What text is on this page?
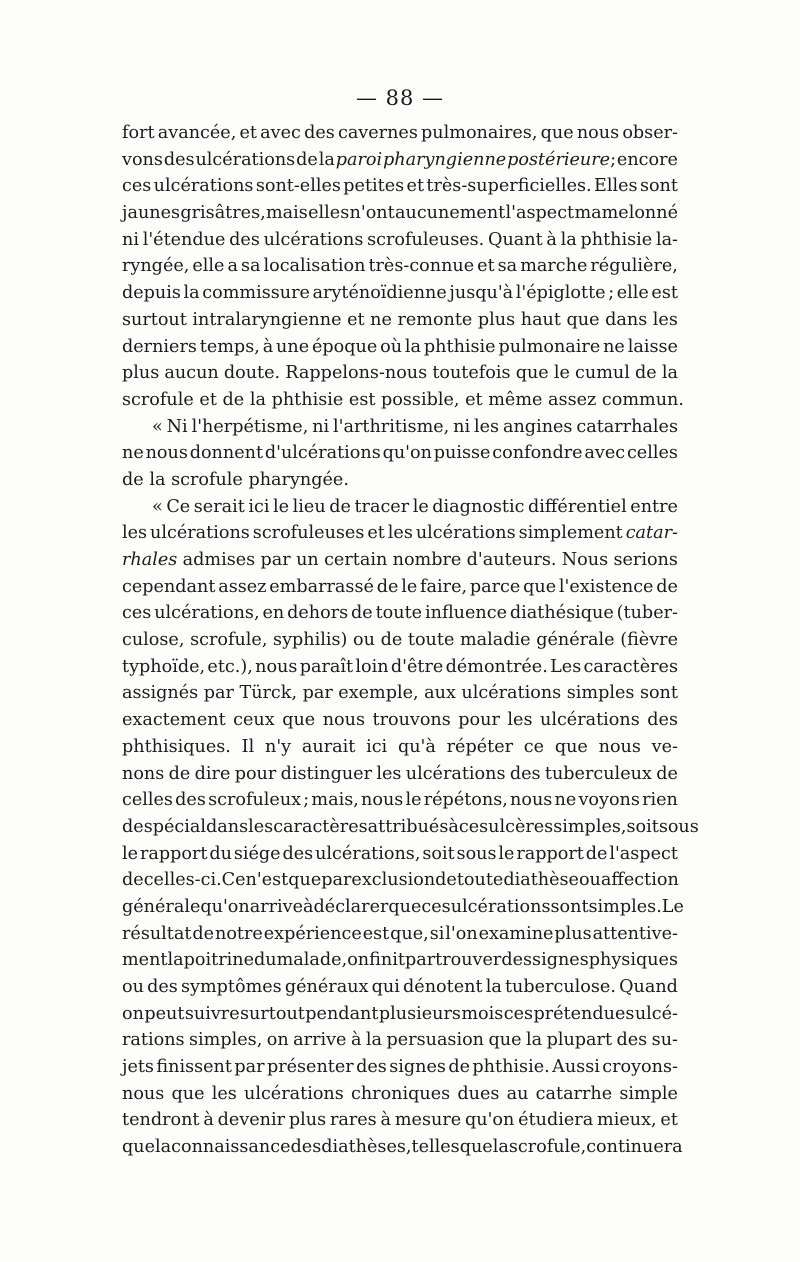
— 88 —
fort avancée, et avec des cavernes pulmonaires, que nous obser-
vons des ulcérations de la paroi pharyngienne postérieure; encore
ces ulcérations sont-elles petites et très-superficielles. Elles sont
jaunes grisâtres, mais elles n'ont aucunement l'aspect mamelonné
ni l'étendue des ulcérations scrofuleuses. Quant à la phthisie la-
ryngée, elle a sa localisation très-connue et sa marche régulière,
depuis la commissure aryténoïdienne jusqu'à l'épiglotte ; elle est
surtout intralaryngienne et ne remonte plus haut que dans les
derniers temps, à une époque où la phthisie pulmonaire ne laisse
plus aucun doute. Rappelons-nous toutefois que le cumul de la
scrofule et de la phthisie est possible, et même assez commun.
« Ni l'herpétisme, ni l'arthritisme, ni les angines catarrhales
ne nous donnent d'ulcérations qu'on puisse confondre avec celles
de la scrofule pharyngée.
« Ce serait ici le lieu de tracer le diagnostic différentiel entre
les ulcérations scrofuleuses et les ulcérations simplement catar-
rhales admises par un certain nombre d'auteurs. Nous serions
cependant assez embarrassé de le faire, parce que l'existence de
ces ulcérations, en dehors de toute influence diathésique (tuber-
culose, scrofule, syphilis) ou de toute maladie générale (fièvre
typhoïde, etc.), nous paraît loin d'être démontrée. Les caractères
assignés par Türck, par exemple, aux ulcérations simples sont
exactement ceux que nous trouvons pour les ulcérations des
phthisiques. Il n'y aurait ici qu'à répéter ce que nous ve-
nons de dire pour distinguer les ulcérations des tuberculeux de
celles des scrofuleux ; mais, nous le répétons, nous ne voyons rien
de spécial dans les caractères attribués à ces ulcères simples, soit sous
le rapport du siége des ulcérations, soit sous le rapport de l'aspect
de celles-ci.Ce n'est que par exclusion de toute diathèse ou affection
générale qu'on arrive à déclarer que ces ulcérations sont simples. Le
résultat de notre expérience est que, si l'on examine plus attentive-
ment la poitrine du malade, on finit par trouver des signes physiques
ou des symptômes généraux qui dénotent la tuberculose. Quand
on peut suivre surtout pendant plusieurs mois ces prétendues ulcé-
rations simples, on arrive à la persuasion que la plupart des su-
jets finissent par présenter des signes de phthisie. Aussi croyons-
nous que les ulcérations chroniques dues au catarrhe simple
tendront à devenir plus rares à mesure qu'on étudiera mieux, et
que la connaissance des diathèses, telles que la scrofule, continuera
